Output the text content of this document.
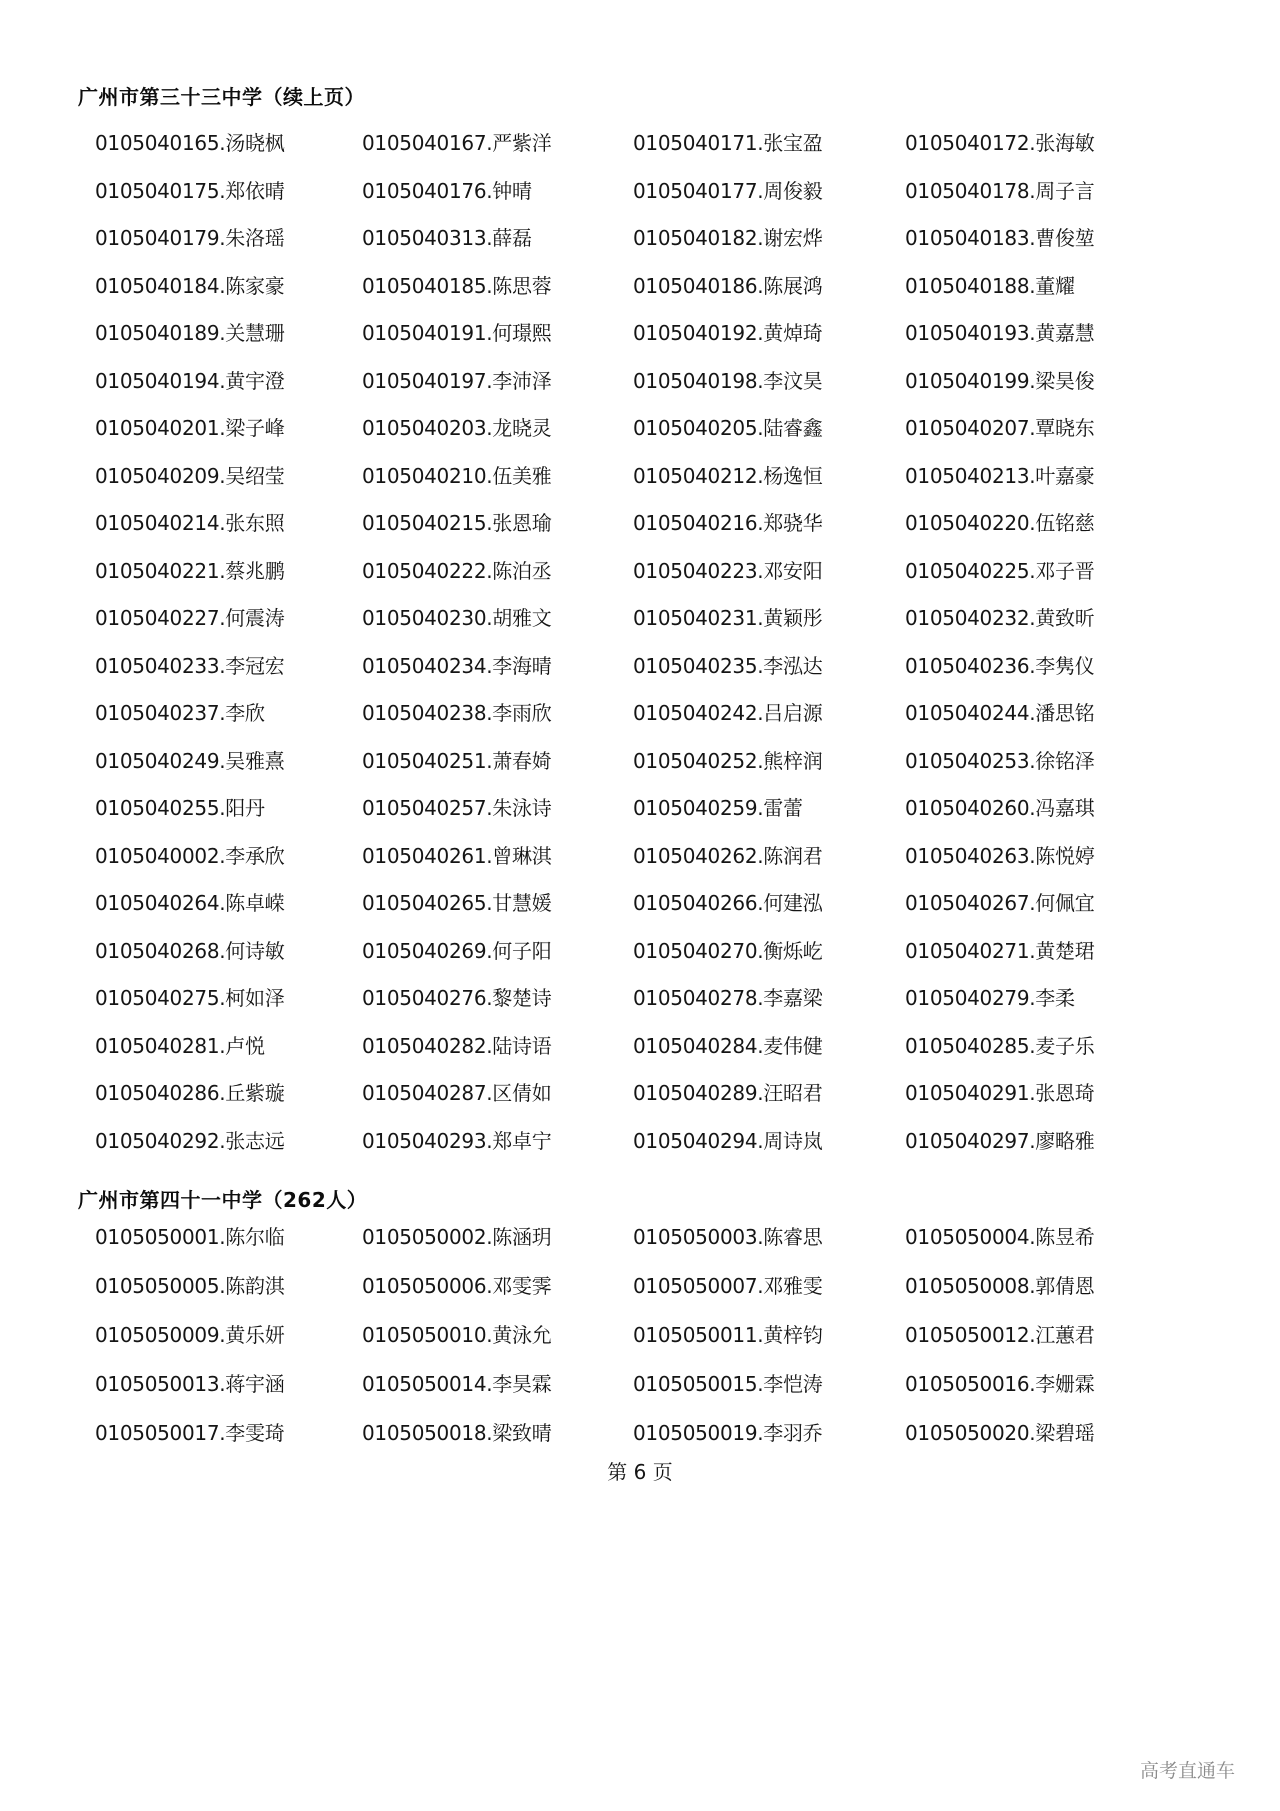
广州市第三十三中学（续上页）
0105040165.汤晓枫	0105040167.严紫洋	0105040171.张宝盈	0105040172.张海敏
0105040175.郑依晴	0105040176.钟晴	0105040177.周俊毅	0105040178.周子言
0105040179.朱洛瑶	0105040313.薛磊	0105040182.谢宏烨	0105040183.曹俊堃
0105040184.陈家豪	0105040185.陈思蓉	0105040186.陈展鸿	0105040188.董耀
0105040189.关慧珊	0105040191.何璟熙	0105040192.黄焯琦	0105040193.黄嘉慧
0105040194.黄宇澄	0105040197.李沛泽	0105040198.李汶昊	0105040199.梁昊俊
0105040201.梁子峰	0105040203.龙晓灵	0105040205.陆睿鑫	0105040207.覃晓东
0105040209.吴绍莹	0105040210.伍美雅	0105040212.杨逸恒	0105040213.叶嘉豪
0105040214.张东照	0105040215.张恩瑜	0105040216.郑骁华	0105040220.伍铭慈
0105040221.蔡兆鹏	0105040222.陈泊丞	0105040223.邓安阳	0105040225.邓子晋
0105040227.何震涛	0105040230.胡雅文	0105040231.黄颖彤	0105040232.黄致昕
0105040233.李冠宏	0105040234.李海晴	0105040235.李泓达	0105040236.李隽仪
0105040237.李欣	0105040238.李雨欣	0105040242.吕启源	0105040244.潘思铭
0105040249.吴雅熹	0105040251.萧春婍	0105040252.熊梓润	0105040253.徐铭泽
0105040255.阳丹	0105040257.朱泳诗	0105040259.雷蕾	0105040260.冯嘉琪
0105040002.李承欣	0105040261.曾琳淇	0105040262.陈润君	0105040263.陈悦婷
0105040264.陈卓嵘	0105040265.甘慧媛	0105040266.何建泓	0105040267.何佩宜
0105040268.何诗敏	0105040269.何子阳	0105040270.衡烁屹	0105040271.黄楚珺
0105040275.柯如泽	0105040276.黎楚诗	0105040278.李嘉梁	0105040279.李柔
0105040281.卢悦	0105040282.陆诗语	0105040284.麦伟健	0105040285.麦子乐
0105040286.丘紫璇	0105040287.区倩如	0105040289.汪昭君	0105040291.张恩琦
0105040292.张志远	0105040293.郑卓宁	0105040294.周诗岚	0105040297.廖略雅
广州市第四十一中学（262人）
0105050001.陈尔临	0105050002.陈涵玥	0105050003.陈睿思	0105050004.陈昱希
0105050005.陈韵淇	0105050006.邓雯霁	0105050007.邓雅雯	0105050008.郭倩恩
0105050009.黄乐妍	0105050010.黄泳允	0105050011.黄梓钧	0105050012.江蕙君
0105050013.蒋宇涵	0105050014.李昊霖	0105050015.李恺涛	0105050016.李姗霖
0105050017.李雯琦	0105050018.梁致晴	0105050019.李羽乔	0105050020.梁碧瑶
第 6 页
高考直通车
